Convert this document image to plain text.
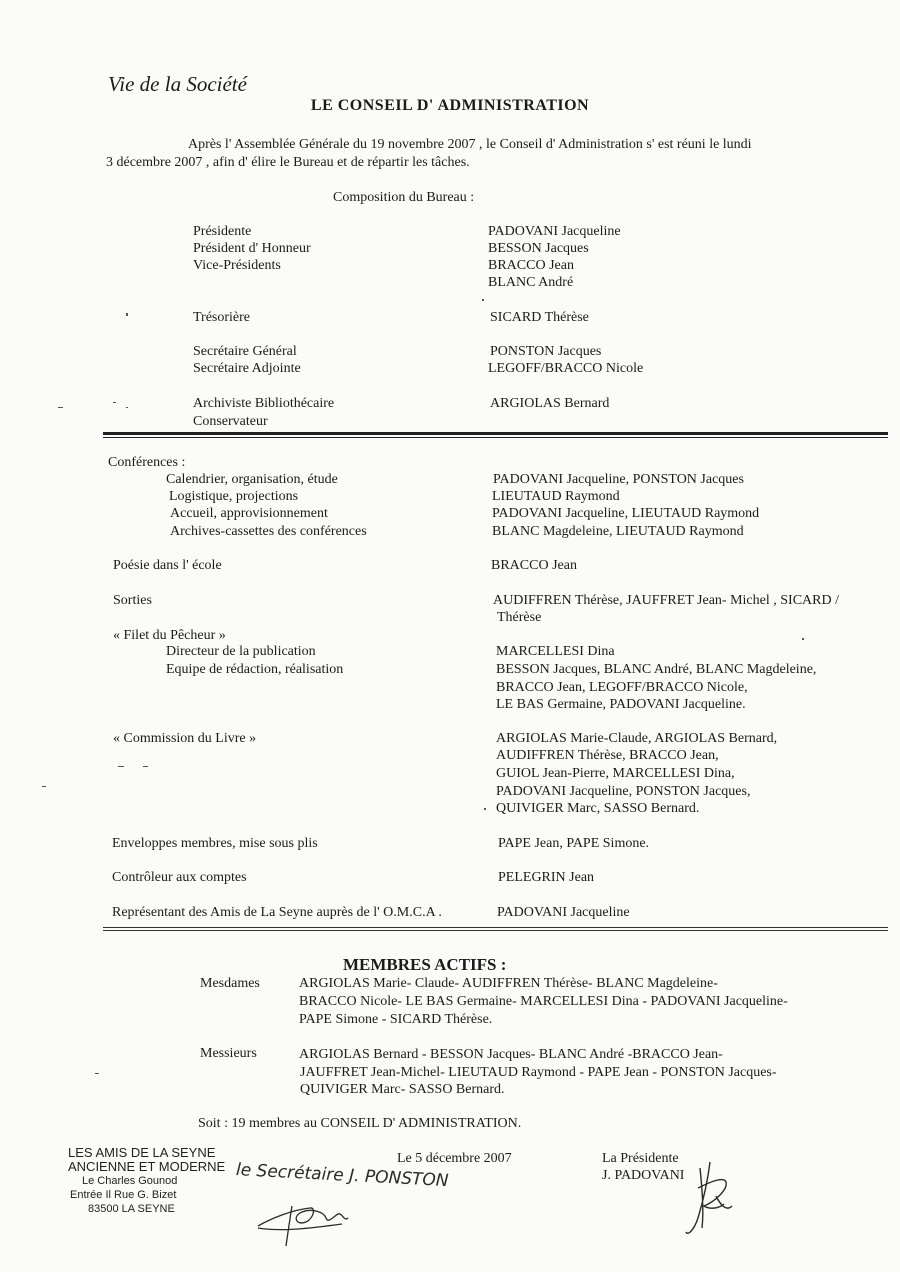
Vie de la Société
LE CONSEIL D' ADMINISTRATION
Après l' Assemblée Générale du 19 novembre 2007 , le Conseil d' Administration s' est réuni le lundi
3 décembre 2007 , afin d' élire le Bureau et de répartir les tâches.
Composition du Bureau :
Présidente	PADOVANI Jacqueline
Président d' Honneur	BESSON Jacques
Vice-Présidents	BRACCO Jean
BLANC André
Trésorière	SICARD Thérèse
Secrétaire Général	PONSTON Jacques
Secrétaire Adjointe	LEGOFF/BRACCO Nicole
Archiviste Bibliothécaire	ARGIOLAS Bernard
Conservateur
Conférences :
Calendrier, organisation, étude	PADOVANI Jacqueline, PONSTON Jacques
Logistique, projections	LIEUTAUD Raymond
Accueil, approvisionnement	PADOVANI Jacqueline, LIEUTAUD Raymond
Archives-cassettes des conférences	BLANC Magdeleine, LIEUTAUD Raymond
Poésie dans l' école	BRACCO Jean
Sorties	AUDIFFREN Thérèse, JAUFFRET Jean- Michel , SICARD /
Thérèse
« Filet du Pêcheur »
Directeur de la publication	MARCELLESI Dina
Equipe de rédaction, réalisation	BESSON Jacques, BLANC André, BLANC Magdeleine,
BRACCO Jean, LEGOFF/BRACCO Nicole,
LE BAS Germaine, PADOVANI Jacqueline.
« Commission du Livre »	ARGIOLAS Marie-Claude, ARGIOLAS Bernard,
AUDIFFREN Thérèse, BRACCO Jean,
GUIOL Jean-Pierre, MARCELLESI Dina,
PADOVANI Jacqueline, PONSTON Jacques,
QUIVIGER Marc, SASSO Bernard.
Enveloppes membres, mise sous plis	PAPE Jean, PAPE Simone.
Contrôleur aux comptes	PELEGRIN Jean
Représentant des Amis de La Seyne auprès de l' O.M.C.A .	PADOVANI Jacqueline
MEMBRES ACTIFS :
Mesdames	ARGIOLAS Marie- Claude- AUDIFFREN Thérèse- BLANC Magdeleine-
BRACCO Nicole- LE BAS Germaine- MARCELLESI Dina - PADOVANI Jacqueline-
PAPE Simone - SICARD Thérèse.
Messieurs	ARGIOLAS Bernard - BESSON Jacques- BLANC André -BRACCO Jean-
JAUFFRET Jean-Michel- LIEUTAUD Raymond - PAPE Jean - PONSTON Jacques-
QUIVIGER Marc- SASSO Bernard.
Soit : 19 membres au CONSEIL D' ADMINISTRATION.
LES AMIS DE LA SEYNE
ANCIENNE ET MODERNE
Le Charles Gounod
Entrée Il Rue G. Bizet
83500 LA SEYNE
Le 5 décembre 2007
le Secrétaire J. PONSTON
La Présidente
J. PADOVANI
